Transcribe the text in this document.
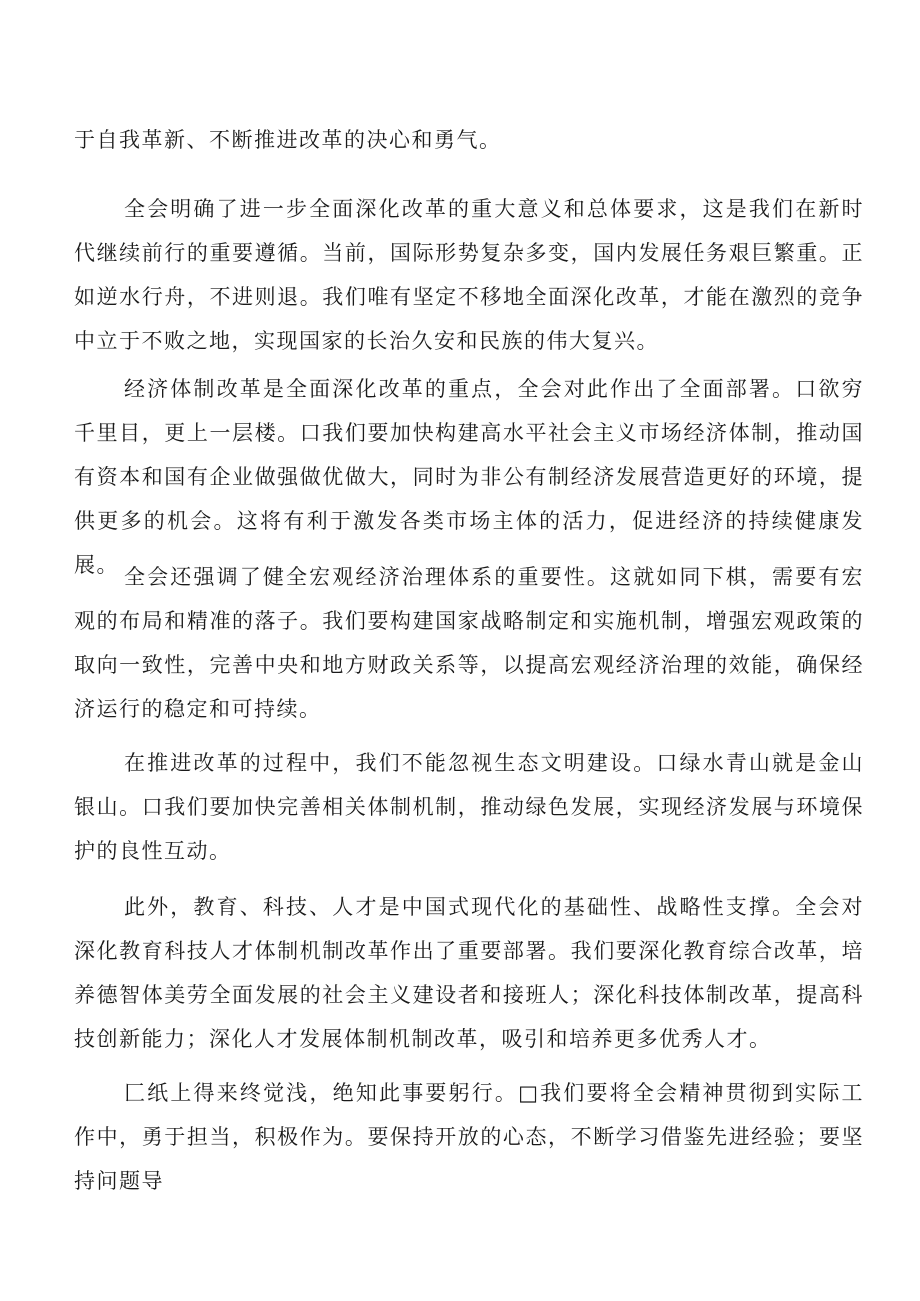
于自我革新、不断推进改革的决心和勇气。

全会明确了进一步全面深化改革的重大意义和总体要求，这是我们在新时代继续前行的重要遵循。当前，国际形势复杂多变，国内发展任务艰巨繁重。正如逆水行舟，不进则退。我们唯有坚定不移地全面深化改革，才能在激烈的竞争中立于不败之地，实现国家的长治久安和民族的伟大复兴。

经济体制改革是全面深化改革的重点，全会对此作出了全面部署。口欲穷千里目，更上一层楼。口我们要加快构建高水平社会主义市场经济体制，推动国有资本和国有企业做强做优做大，同时为非公有制经济发展营造更好的环境，提供更多的机会。这将有利于激发各类市场主体的活力，促进经济的持续健康发展。 全会还强调了健全宏观经济治理体系的重要性。这就如同下棋，需要有宏观的布局和精准的落子。我们要构建国家战略制定和实施机制，增强宏观政策的取向一致性，完善中央和地方财政关系等，以提高宏观经济治理的效能，确保经济运行的稳定和可持续。

在推进改革的过程中，我们不能忽视生态文明建设。口绿水青山就是金山银山。口我们要加快完善相关体制机制，推动绿色发展，实现经济发展与环境保护的良性互动。

此外，教育、科技、人才是中国式现代化的基础性、战略性支撑。全会对深化教育科技人才体制机制改革作出了重要部署。我们要深化教育综合改革，培养德智体美劳全面发展的社会主义建设者和接班人；深化科技体制改革，提高科技创新能力；深化人才发展体制机制改革，吸引和培养更多优秀人才。

匚纸上得来终觉浅，绝知此事要躬行。□我们要将全会精神贯彻到实际工作中，勇于担当，积极作为。要保持开放的心态，不断学习借鉴先进经验；要坚持问题导
